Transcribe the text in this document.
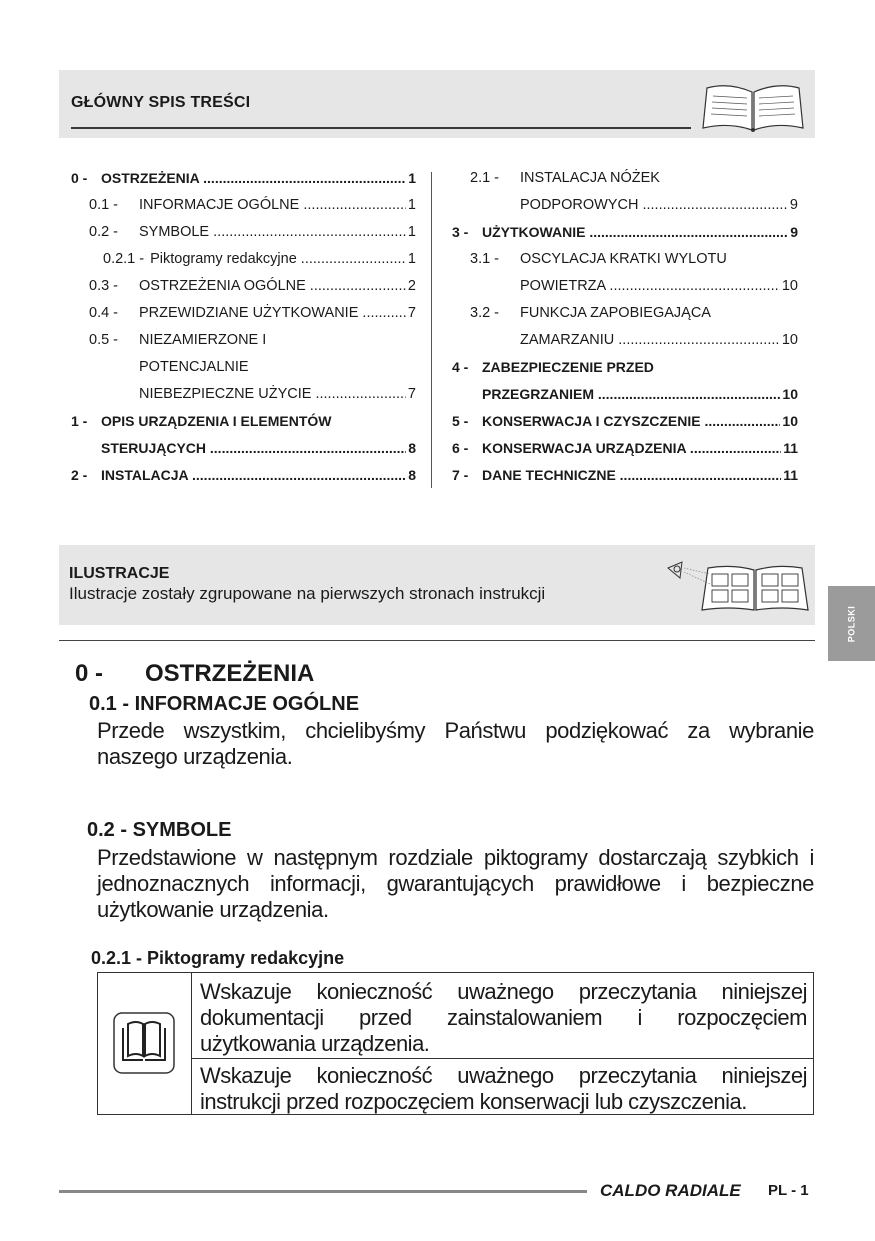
GŁÓWNY SPIS TREŚCI
ILUSTRACJE
Ilustracje zostały zgrupowane na pierwszych stronach instrukcji
POLSKI
0 - OSTRZEŻENIA
0.1 - INFORMACJE OGÓLNE
Przede wszystkim, chcielibyśmy Państwu podziękować za wybranie naszego urządzenia.
0.2 - SYMBOLE
Przedstawione w następnym rozdziale piktogramy dostarczają szybkich i jednoznacznych informacji, gwarantujących prawidłowe i bezpieczne użytkowanie urządzenia.
0.2.1 - Piktogramy redakcyjne
Wskazuje konieczność uważnego przeczytania niniejszej dokumentacji przed zainstalowaniem i rozpoczęciem użytkowania urządzenia.
Wskazuje konieczność uważnego przeczytania niniejszej instrukcji przed rozpoczęciem konserwacji lub czyszczenia.
CALDO RADIALE PL - 1
0 - OSTRZEŻENIA .....	1
0.1 -	INFORMACJE OGÓLNE .....	1
0.2 -	SYMBOLE .....	1
0.2.1 - Piktogramy redakcyjne .....	1
0.3 -	OSTRZEŻENIA OGÓLNE .....	2
0.4 -	PRZEWIDZIANE UŻYTKOWANIE .....	7
0.5 -	NIEZAMIERZONE I
POTENCJALNIE
NIEBEZPIECZNE UŻYCIE .....	7
1 - OPIS URZĄDZENIA I ELEMENTÓW
STERUJĄCYCH .....	8
2 - INSTALACJA .....	8
2.1 -	INSTALACJA NÓŻEK
PODPOROWYCH .....	9
3 - UŻYTKOWANIE .....	9
3.1 -	OSCYLACJA KRATKI WYLOTU
POWIETRZA .....	10
3.2 -	FUNKCJA ZAPOBIEGAJĄCA
ZAMARZANIU .....	10
4 - ZABEZPIECZENIE PRZED
PRZEGRZANIEM .....	10
5 - KONSERWACJA I CZYSZCZENIE .....	10
6 - KONSERWACJA URZĄDZENIA .....	11
7 - DANE TECHNICZNE .....	11
